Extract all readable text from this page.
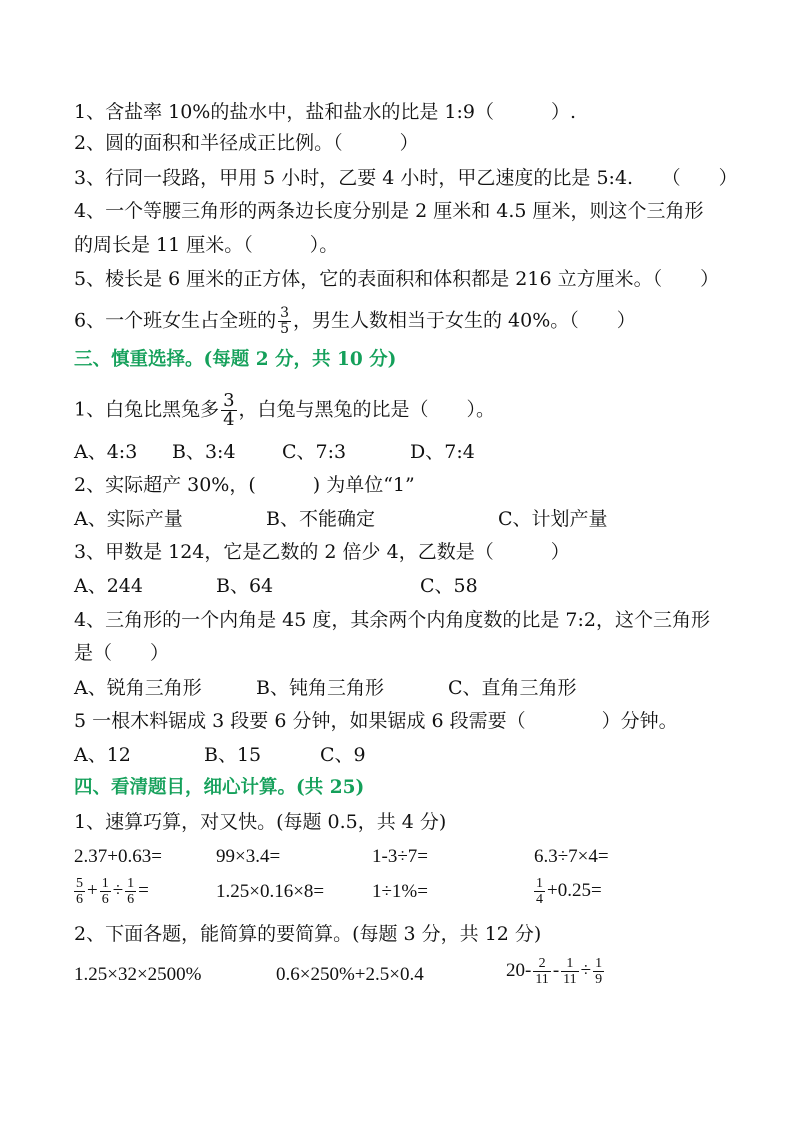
1、含盐率 10%的盐水中，盐和盐水的比是 1:9（　　　）.
2、圆的面积和半径成正比例。（　　　）
3、行同一段路，甲用 5 小时，乙要 4 小时，甲乙速度的比是 5:4.　　（　　）
4、一个等腰三角形的两条边长度分别是 2 厘米和 4.5 厘米，则这个三角形
的周长是 11 厘米。（　　　）。
5、棱长是 6 厘米的正方体，它的表面积和体积都是 216 立方厘米。（　　）
6、一个班女生占全班的 $\frac{3}{5}$ ，男生人数相当于女生的 40%。（　　）
三、慎重选择。(每题 2 分，共 10 分)
1、白兔比黑兔多 $\frac{3}{4}$ ，白兔与黑兔的比是（　　）。
A、4:3 B、3:4 C、7:3	D、7:4
2、实际超产 30%，(　　　) 为单位“1”
A、实际产量	B、不能确定	C、计划产量
3、甲数是 124，它是乙数的 2 倍少 4，乙数是（　　　）
A、244	B、64	C、58
4、三角形的一个内角是 45 度，其余两个内角度数的比是 7:2，这个三角形
是（　　）
A、锐角三角形	B、钝角三角形	C、直角三角形
5 一根木料锯成 3 段要 6 分钟，如果锯成 6 段需要（　　　　）分钟。
A、12	B、15	C、9
四、看清题目，细心计算。(共 25)
1、速算巧算，对又快。(每题 0.5，共 4 分)
2.37+0.63=	99×3.4=	1-3÷7=	6.3÷7×4=
$\frac{5}{6} + \frac{1}{6} \div \frac{1}{6}$ =	1.25×0.16×8=	1÷1%=	$\frac{1}{4} +0.25=$
2、下面各题，能简算的要简算。(每题 3 分，共 12 分)
1.25×32×2500%	0.6×250%+2.5×0.4	$20- \frac{2}{11} - \frac{1}{11} \div \frac{1}{9}$
